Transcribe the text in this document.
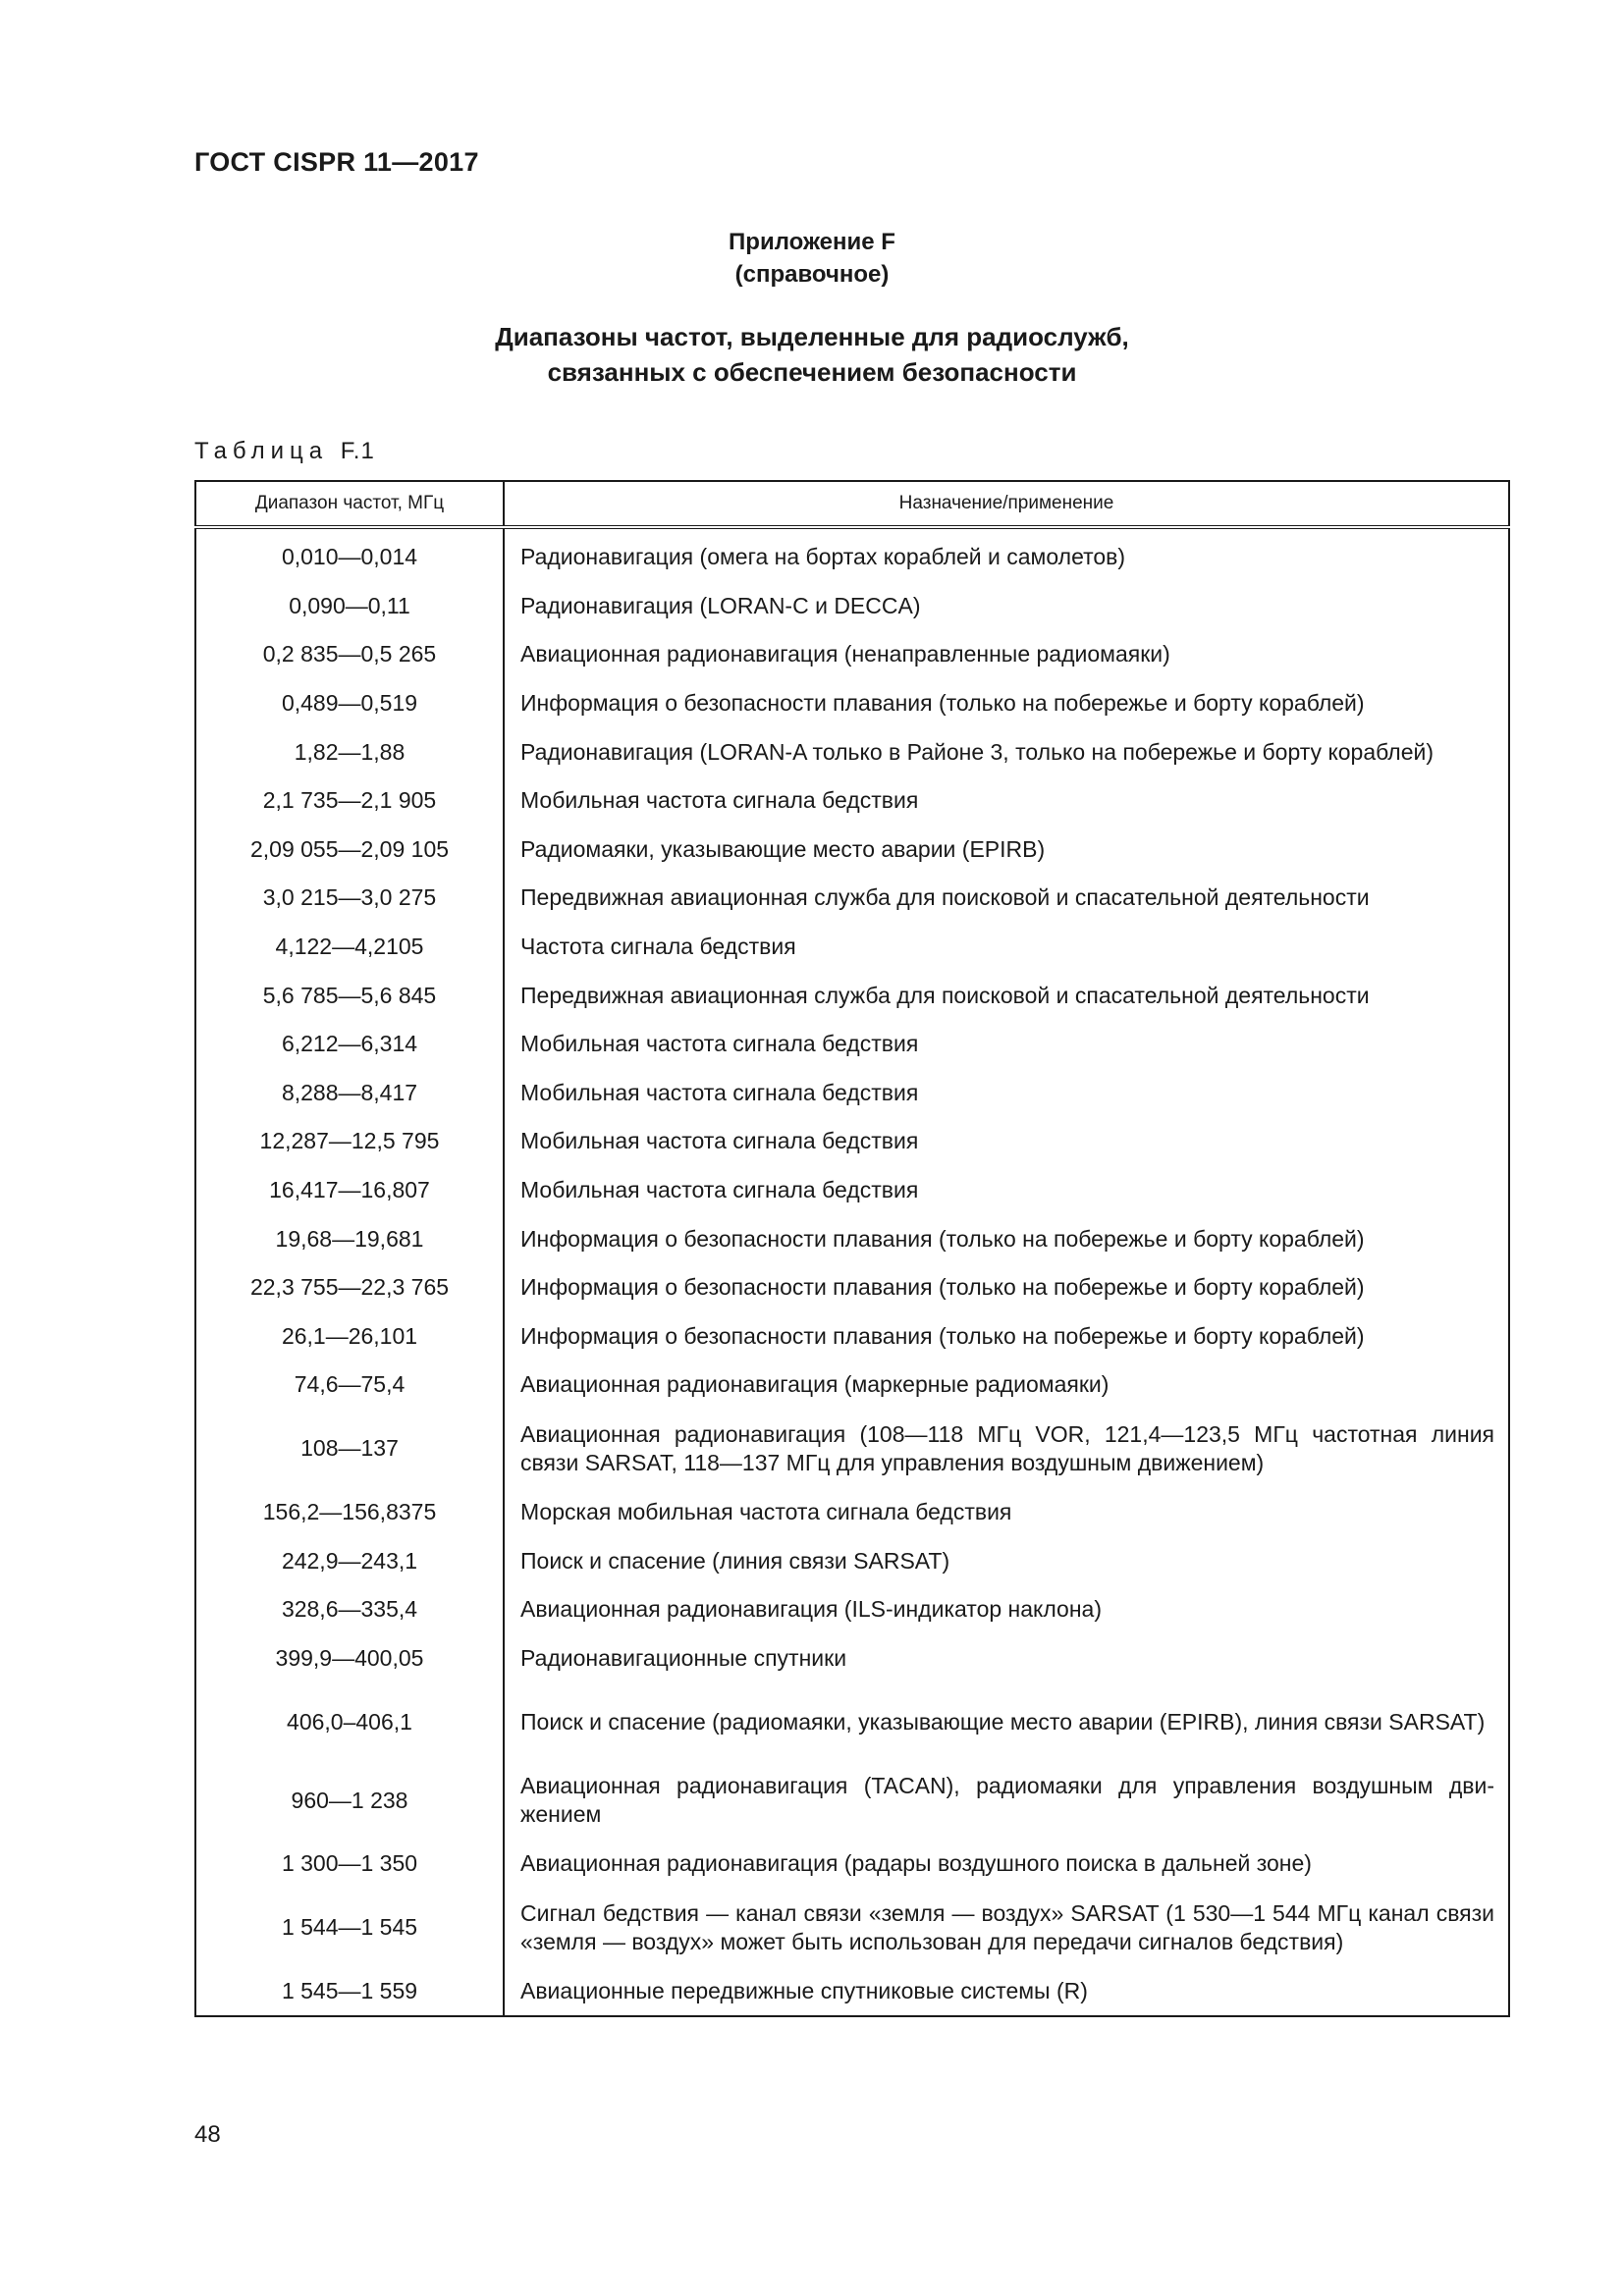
ГОСТ CISPR 11—2017
Приложение F
(справочное)
Диапазоны частот, выделенные для радиослужб,
связанных с обеспечением безопасности
Таблица F.1
Диапазон частот, МГц	Назначение/применение
0,010—0,014	Радионавигация (омега на бортах кораблей и самолетов)
0,090—0,11	Радионавигация (LORAN-C и DECCA)
0,2 835—0,5 265	Авиационная радионавигация (ненаправленные радиомаяки)
0,489—0,519	Информация о безопасности плавания (только на побережье и борту кораблей)
1,82—1,88	Радионавигация (LORAN-A только в Районе 3, только на побережье и борту кораблей)
2,1 735—2,1 905	Мобильная частота сигнала бедствия
2,09 055—2,09 105	Радиомаяки, указывающие место аварии (EPIRB)
3,0 215—3,0 275	Передвижная авиационная служба для поисковой и спасательной деятельности
4,122—4,2105	Частота сигнала бедствия
5,6 785—5,6 845	Передвижная авиационная служба для поисковой и спасательной деятельности
6,212—6,314	Мобильная частота сигнала бедствия
8,288—8,417	Мобильная частота сигнала бедствия
12,287—12,5 795	Мобильная частота сигнала бедствия
16,417—16,807	Мобильная частота сигнала бедствия
19,68—19,681	Информация о безопасности плавания (только на побережье и борту кораблей)
22,3 755—22,3 765	Информация о безопасности плавания (только на побережье и борту кораблей)
26,1—26,101	Информация о безопасности плавания (только на побережье и борту кораблей)
74,6—75,4	Авиационная радионавигация (маркерные радиомаяки)
108—137	Авиационная радионавигация (108—118 МГц VOR, 121,4—123,5 МГц частотная линия связи SARSAT, 118—137 МГц для управления воздушным движением)
156,2—156,8375	Морская мобильная частота сигнала бедствия
242,9—243,1	Поиск и спасение (линия связи SARSAT)
328,6—335,4	Авиационная радионавигация (ILS-индикатор наклона)
399,9—400,05	Радионавигационные спутники
406,0–406,1	Поиск и спасение (радиомаяки, указывающие место аварии (EPIRB), линия связи SARSAT)
960—1 238	Авиационная радионавигация (TACAN), радиомаяки для управления воздушным дви-жением
1 300—1 350	Авиационная радионавигация (радары воздушного поиска в дальней зоне)
1 544—1 545	Сигнал бедствия — канал связи «земля — воздух» SARSAT (1 530—1 544 МГц канал связи «земля — воздух» может быть использован для передачи сигналов бедствия)
1 545—1 559	Авиационные передвижные спутниковые системы (R)
48
